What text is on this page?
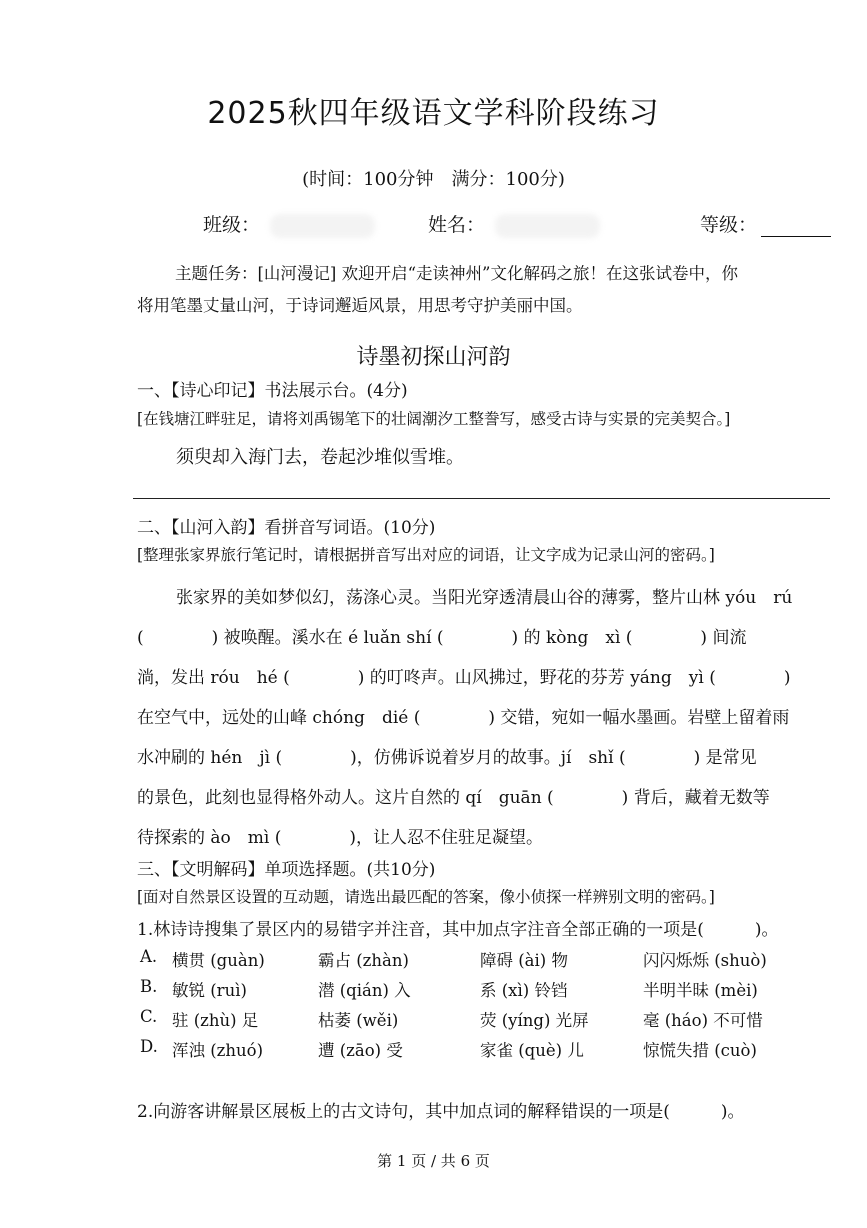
2025秋四年级语文学科阶段练习
(时间：100分钟　满分：100分)
班级：	姓名：	等级：
主题任务：[山河漫记] 欢迎开启“走读神州”文化解码之旅！在这张试卷中，你
将用笔墨丈量山河，于诗词邂逅风景，用思考守护美丽中国。
诗墨初探山河韵
一、【诗心印记】书法展示台。(4分)
[在钱塘江畔驻足，请将刘禹锡笔下的壮阔潮汐工整誊写，感受古诗与实景的完美契合。]
须臾却入海门去，卷起沙堆似雪堆。
二、【山河入韵】看拼音写词语。(10分)
[整理张家界旅行笔记时，请根据拼音写出对应的词语，让文字成为记录山河的密码。]
张家界的美如梦似幻，荡涤心灵。当阳光穿透清晨山谷的薄雾，整片山林 yóu　rú
(　　　　) 被唤醒。溪水在 é luǎn shí (　　　　) 的 kòng　xì (　　　　) 间流
淌，发出 róu　hé (　　　　) 的叮咚声。山风拂过，野花的芬芳 yáng　yì (　　　　)
在空气中，远处的山峰 chóng　dié (　　　　) 交错，宛如一幅水墨画。岩壁上留着雨
水冲刷的 hén　jì (　　　　)，仿佛诉说着岁月的故事。jí　shǐ (　　　　) 是常见
的景色，此刻也显得格外动人。这片自然的 qí　guān (　　　　) 背后，藏着无数等
待探索的 ào　mì (　　　　)，让人忍不住驻足凝望。
三、【文明解码】单项选择题。(共10分)
[面对自然景区设置的互动题，请选出最匹配的答案，像小侦探一样辨别文明的密码。]
1.林诗诗搜集了景区内的易错字并注音，其中加点字注音全部正确的一项是(　　　)。
A. 横贯 (guàn)	霸占 (zhàn)	障碍 (ài) 物	闪闪烁烁 (shuò)
B. 敏锐 (ruì)	潜 (qián) 入	系 (xì) 铃铛	半明半昧 (mèi)
C. 驻 (zhù) 足	枯萎 (wěi)	荧 (yíng) 光屏	毫 (háo) 不可惜
D. 浑浊 (zhuó)	遭 (zāo) 受	家雀 (què) 儿	惊慌失措 (cuò)
2.向游客讲解景区展板上的古文诗句，其中加点词的解释错误的一项是(　　　)。
第 1 页 / 共 6 页
